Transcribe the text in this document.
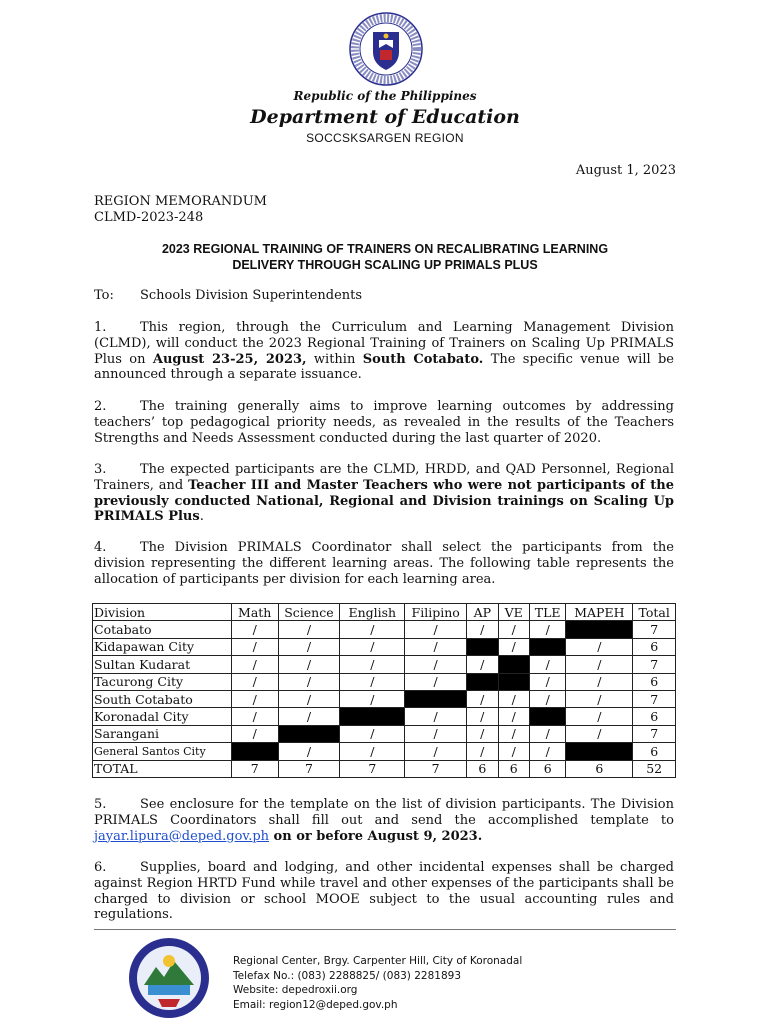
Republic of the Philippines
Department of Education
SOCCSKSARGEN REGION
August 1, 2023
REGION MEMORANDUM
CLMD-2023-248
2023 REGIONAL TRAINING OF TRAINERS ON RECALIBRATING LEARNING
DELIVERY THROUGH SCALING UP PRIMALS PLUS
To: Schools Division Superintendents
1.	This region, through the Curriculum and Learning Management Division (CLMD), will conduct the 2023 Regional Training of Trainers on Scaling Up PRIMALS Plus on August 23-25, 2023, within South Cotabato. The specific venue will be announced through a separate issuance.
2.	The training generally aims to improve learning outcomes by addressing teachers’ top pedagogical priority needs, as revealed in the results of the Teachers Strengths and Needs Assessment conducted during the last quarter of 2020.
3.	The expected participants are the CLMD, HRDD, and QAD Personnel, Regional Trainers, and Teacher III and Master Teachers who were not participants of the previously conducted National, Regional and Division trainings on Scaling Up PRIMALS Plus.
4.	The Division PRIMALS Coordinator shall select the participants from the division representing the different learning areas. The following table represents the allocation of participants per division for each learning area.
Division	Math	Science	English	Filipino	AP	VE	TLE	MAPEH	Total
Cotabato	/	/	/	/	/	/	/		7
Kidapawan City	/	/	/	/		/		/	6
Sultan Kudarat	/	/	/	/	/		/	/	7
Tacurong City	/	/	/	/			/	/	6
South Cotabato	/	/	/		/	/	/	/	7
Koronadal City	/	/		/	/	/		/	6
Sarangani	/		/	/	/	/	/	/	7
General Santos City		/	/	/	/	/	/		6
TOTAL	7	7	7	7	6	6	6	6	52
5.	See enclosure for the template on the list of division participants. The Division PRIMALS Coordinators shall fill out and send the accomplished template to jayar.lipura@deped.gov.ph on or before August 9, 2023.
6.	Supplies, board and lodging, and other incidental expenses shall be charged against Region HRTD Fund while travel and other expenses of the participants shall be charged to division or school MOOE subject to the usual accounting rules and regulations.
Regional Center, Brgy. Carpenter Hill, City of Koronadal
Telefax No.: (083) 2288825/ (083) 2281893
Website: depedroxii.org
Email: region12@deped.gov.ph
